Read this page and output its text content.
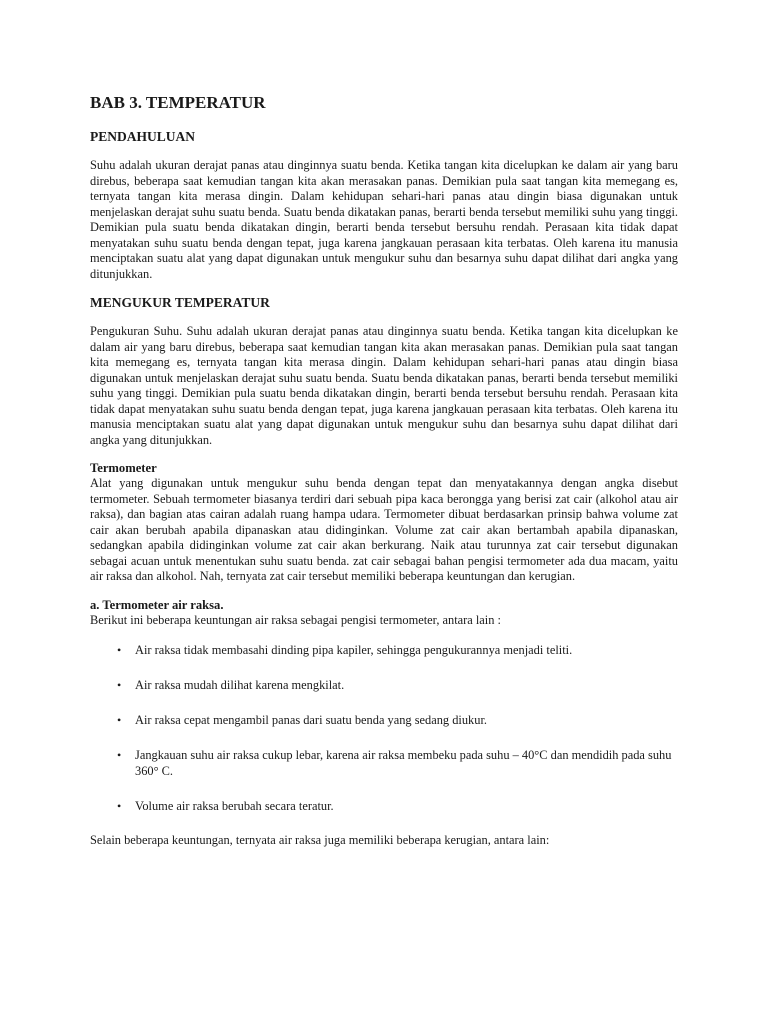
BAB 3. TEMPERATUR
PENDAHULUAN

Suhu adalah ukuran derajat panas atau dinginnya suatu benda. Ketika tangan kita dicelupkan ke dalam air yang baru direbus, beberapa saat kemudian tangan kita akan merasakan panas. Demikian pula saat tangan kita memegang es, ternyata tangan kita merasa dingin. Dalam kehidupan sehari-hari panas atau dingin biasa digunakan untuk menjelaskan derajat suhu suatu benda. Suatu benda dikatakan panas, berarti benda tersebut memiliki suhu yang tinggi. Demikian pula suatu benda dikatakan dingin, berarti benda tersebut bersuhu rendah. Perasaan kita tidak dapat menyatakan suhu suatu benda dengan tepat, juga karena jangkauan perasaan kita terbatas. Oleh karena itu manusia menciptakan suatu alat yang dapat digunakan untuk mengukur suhu dan besarnya suhu dapat dilihat dari angka yang ditunjukkan.

MENGUKUR TEMPERATUR

Pengukuran Suhu. Suhu adalah ukuran derajat panas atau dinginnya suatu benda. Ketika tangan kita dicelupkan ke dalam air yang baru direbus, beberapa saat kemudian tangan kita akan merasakan panas. Demikian pula saat tangan kita memegang es, ternyata tangan kita merasa dingin. Dalam kehidupan sehari-hari panas atau dingin biasa digunakan untuk menjelaskan derajat suhu suatu benda. Suatu benda dikatakan panas, berarti benda tersebut memiliki suhu yang tinggi. Demikian pula suatu benda dikatakan dingin, berarti benda tersebut bersuhu rendah. Perasaan kita tidak dapat menyatakan suhu suatu benda dengan tepat, juga karena jangkauan perasaan kita terbatas. Oleh karena itu manusia menciptakan suatu alat yang dapat digunakan untuk mengukur suhu dan besarnya suhu dapat dilihat dari angka yang ditunjukkan.

Termometer

Alat yang digunakan untuk mengukur suhu benda dengan tepat dan menyatakannya dengan angka disebut termometer. Sebuah termometer biasanya terdiri dari sebuah pipa kaca berongga yang berisi zat cair (alkohol atau air raksa), dan bagian atas cairan adalah ruang hampa udara. Termometer dibuat berdasarkan prinsip bahwa volume zat cair akan berubah apabila dipanaskan atau didinginkan. Volume zat cair akan bertambah apabila dipanaskan, sedangkan apabila didinginkan volume zat cair akan berkurang. Naik atau turunnya zat cair tersebut digunakan sebagai acuan untuk menentukan suhu suatu benda. zat cair sebagai bahan pengisi termometer ada dua macam, yaitu air raksa dan alkohol. Nah, ternyata zat cair tersebut memiliki beberapa keuntungan dan kerugian.

a. Termometer air raksa.

Berikut ini beberapa keuntungan air raksa sebagai pengisi termometer, antara lain :

• Air raksa tidak membasahi dinding pipa kapiler, sehingga pengukurannya menjadi teliti.
• Air raksa mudah dilihat karena mengkilat.
• Air raksa cepat mengambil panas dari suatu benda yang sedang diukur.
• Jangkauan suhu air raksa cukup lebar, karena air raksa membeku pada suhu – 40°C dan mendidih pada suhu 360° C.
• Volume air raksa berubah secara teratur.

Selain beberapa keuntungan, ternyata air raksa juga memiliki beberapa kerugian, antara lain:
